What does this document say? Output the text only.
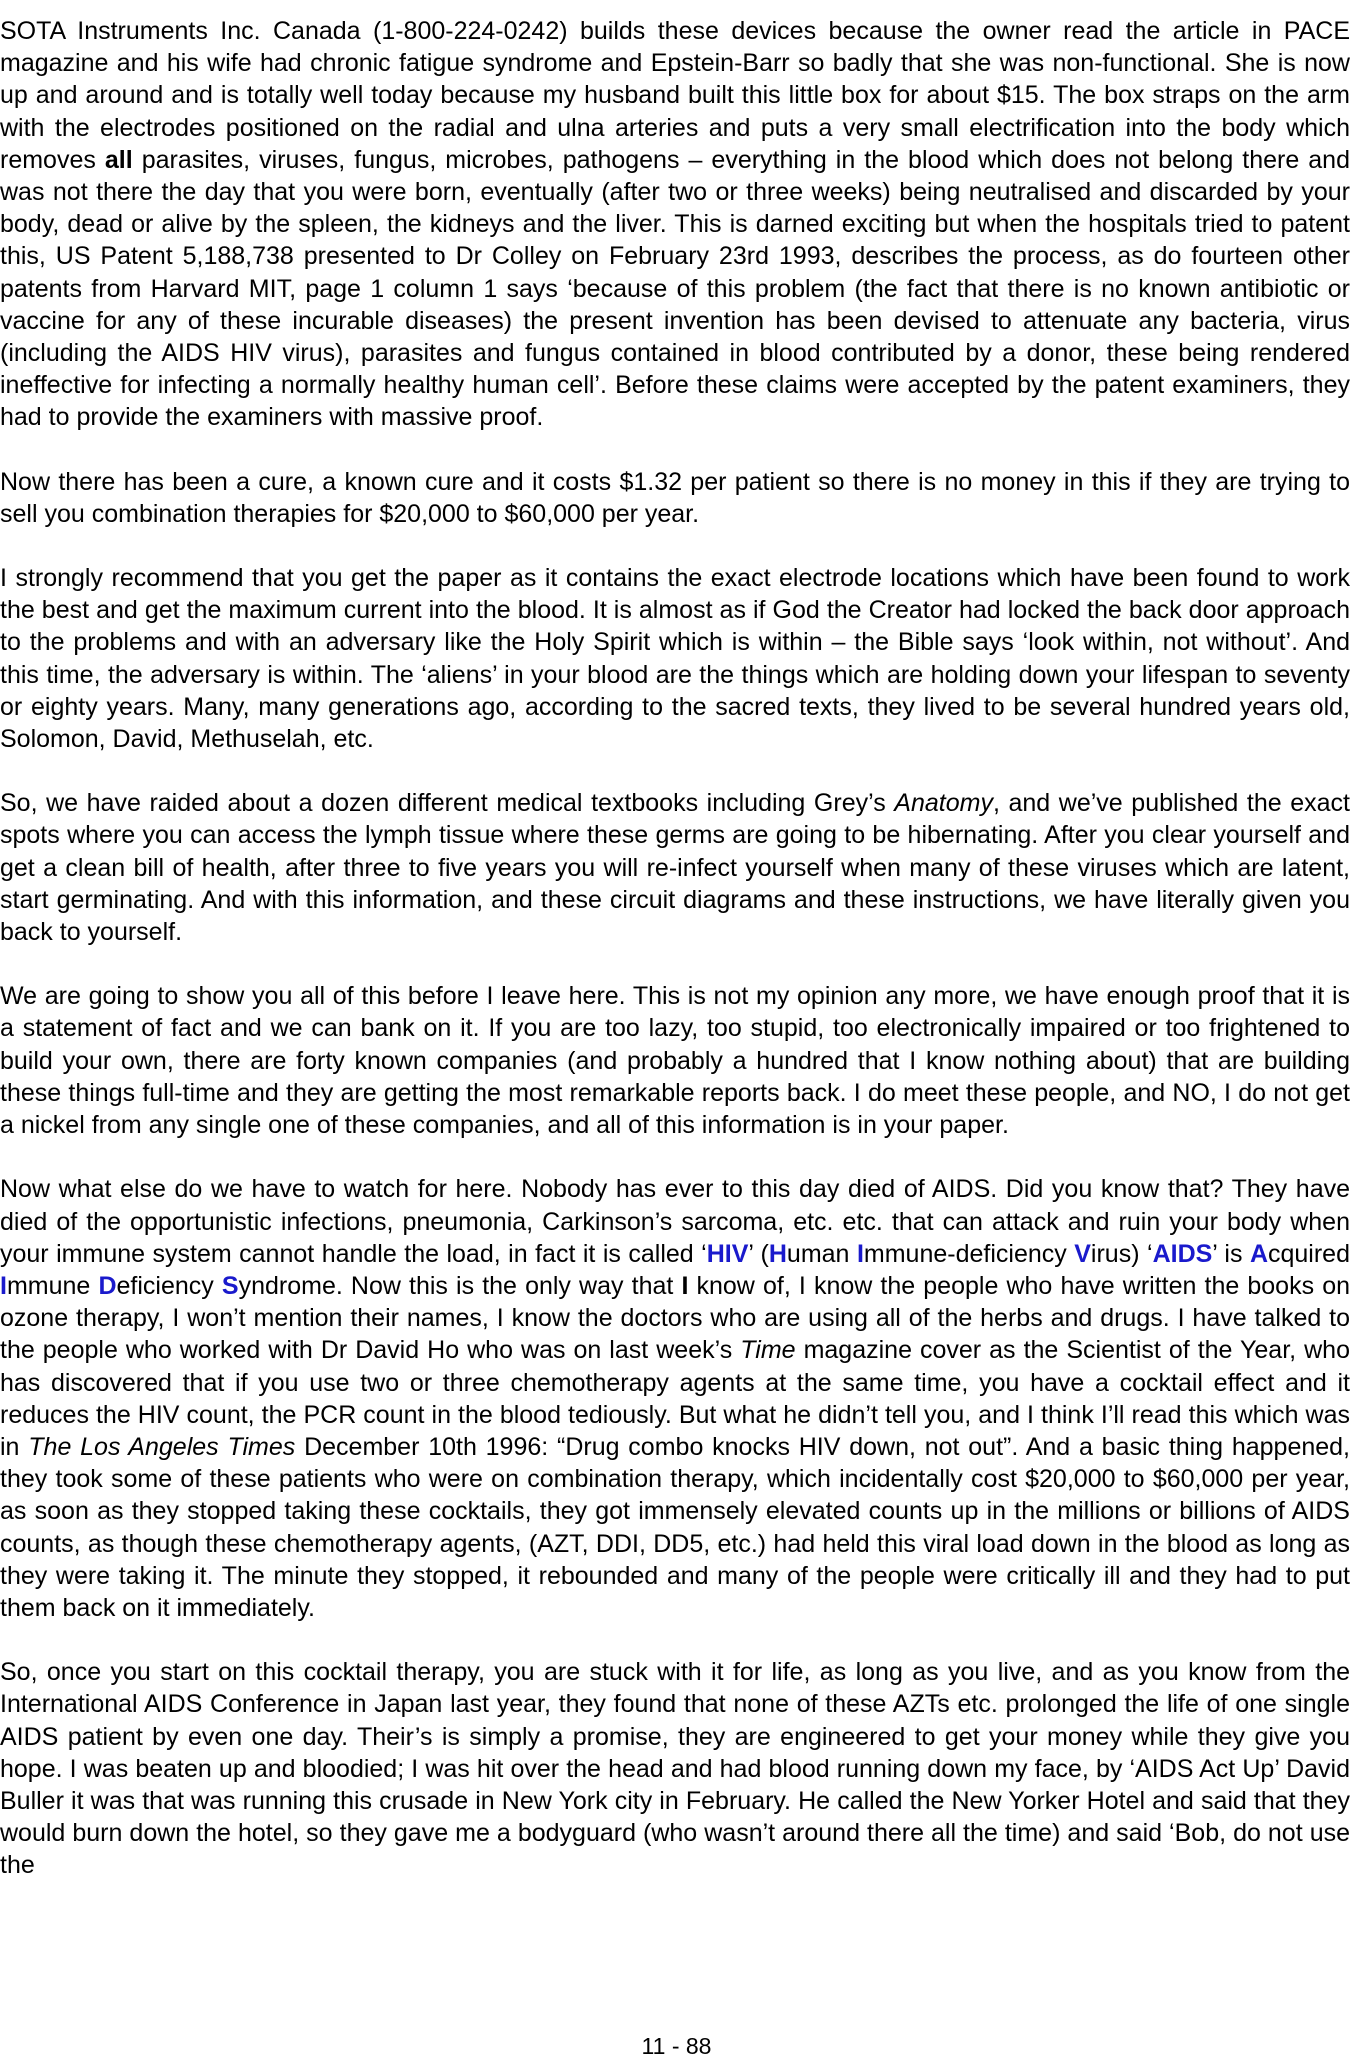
SOTA Instruments Inc. Canada (1-800-224-0242) builds these devices because the owner read the article in PACE magazine and his wife had chronic fatigue syndrome and Epstein-Barr so badly that she was non-functional. She is now up and around and is totally well today because my husband built this little box for about $15. The box straps on the arm with the electrodes positioned on the radial and ulna arteries and puts a very small electrification into the body which removes all parasites, viruses, fungus, microbes, pathogens – everything in the blood which does not belong there and was not there the day that you were born, eventually (after two or three weeks) being neutralised and discarded by your body, dead or alive by the spleen, the kidneys and the liver. This is darned exciting but when the hospitals tried to patent this, US Patent 5,188,738 presented to Dr Colley on February 23rd 1993, describes the process, as do fourteen other patents from Harvard MIT, page 1 column 1 says ‘because of this problem (the fact that there is no known antibiotic or vaccine for any of these incurable diseases) the present invention has been devised to attenuate any bacteria, virus (including the AIDS HIV virus), parasites and fungus contained in blood contributed by a donor, these being rendered ineffective for infecting a normally healthy human cell’. Before these claims were accepted by the patent examiners, they had to provide the examiners with massive proof.

Now there has been a cure, a known cure and it costs $1.32 per patient so there is no money in this if they are trying to sell you combination therapies for $20,000 to $60,000 per year.

I strongly recommend that you get the paper as it contains the exact electrode locations which have been found to work the best and get the maximum current into the blood. It is almost as if God the Creator had locked the back door approach to the problems and with an adversary like the Holy Spirit which is within – the Bible says ‘look within, not without’. And this time, the adversary is within. The ‘aliens’ in your blood are the things which are holding down your lifespan to seventy or eighty years. Many, many generations ago, according to the sacred texts, they lived to be several hundred years old, Solomon, David, Methuselah, etc.

So, we have raided about a dozen different medical textbooks including Grey’s Anatomy, and we’ve published the exact spots where you can access the lymph tissue where these germs are going to be hibernating. After you clear yourself and get a clean bill of health, after three to five years you will re-infect yourself when many of these viruses which are latent, start germinating. And with this information, and these circuit diagrams and these instructions, we have literally given you back to yourself.

We are going to show you all of this before I leave here. This is not my opinion any more, we have enough proof that it is a statement of fact and we can bank on it. If you are too lazy, too stupid, too electronically impaired or too frightened to build your own, there are forty known companies (and probably a hundred that I know nothing about) that are building these things full-time and they are getting the most remarkable reports back. I do meet these people, and NO, I do not get a nickel from any single one of these companies, and all of this information is in your paper.

Now what else do we have to watch for here. Nobody has ever to this day died of AIDS. Did you know that? They have died of the opportunistic infections, pneumonia, Carkinson’s sarcoma, etc. etc. that can attack and ruin your body when your immune system cannot handle the load, in fact it is called ‘HIV’ (Human Immune-deficiency Virus) ‘AIDS’ is Acquired Immune Deficiency Syndrome. Now this is the only way that I know of, I know the people who have written the books on ozone therapy, I won’t mention their names, I know the doctors who are using all of the herbs and drugs. I have talked to the people who worked with Dr David Ho who was on last week’s Time magazine cover as the Scientist of the Year, who has discovered that if you use two or three chemotherapy agents at the same time, you have a cocktail effect and it reduces the HIV count, the PCR count in the blood tediously. But what he didn’t tell you, and I think I’ll read this which was in The Los Angeles Times December 10th 1996: “Drug combo knocks HIV down, not out”. And a basic thing happened, they took some of these patients who were on combination therapy, which incidentally cost $20,000 to $60,000 per year, as soon as they stopped taking these cocktails, they got immensely elevated counts up in the millions or billions of AIDS counts, as though these chemotherapy agents, (AZT, DDI, DD5, etc.) had held this viral load down in the blood as long as they were taking it. The minute they stopped, it rebounded and many of the people were critically ill and they had to put them back on it immediately.

So, once you start on this cocktail therapy, you are stuck with it for life, as long as you live, and as you know from the International AIDS Conference in Japan last year, they found that none of these AZTs etc. prolonged the life of one single AIDS patient by even one day. Their’s is simply a promise, they are engineered to get your money while they give you hope. I was beaten up and bloodied; I was hit over the head and had blood running down my face, by ‘AIDS Act Up’ David Buller it was that was running this crusade in New York city in February. He called the New Yorker Hotel and said that they would burn down the hotel, so they gave me a bodyguard (who wasn’t around there all the time) and said ‘Bob, do not use the

11 - 88
